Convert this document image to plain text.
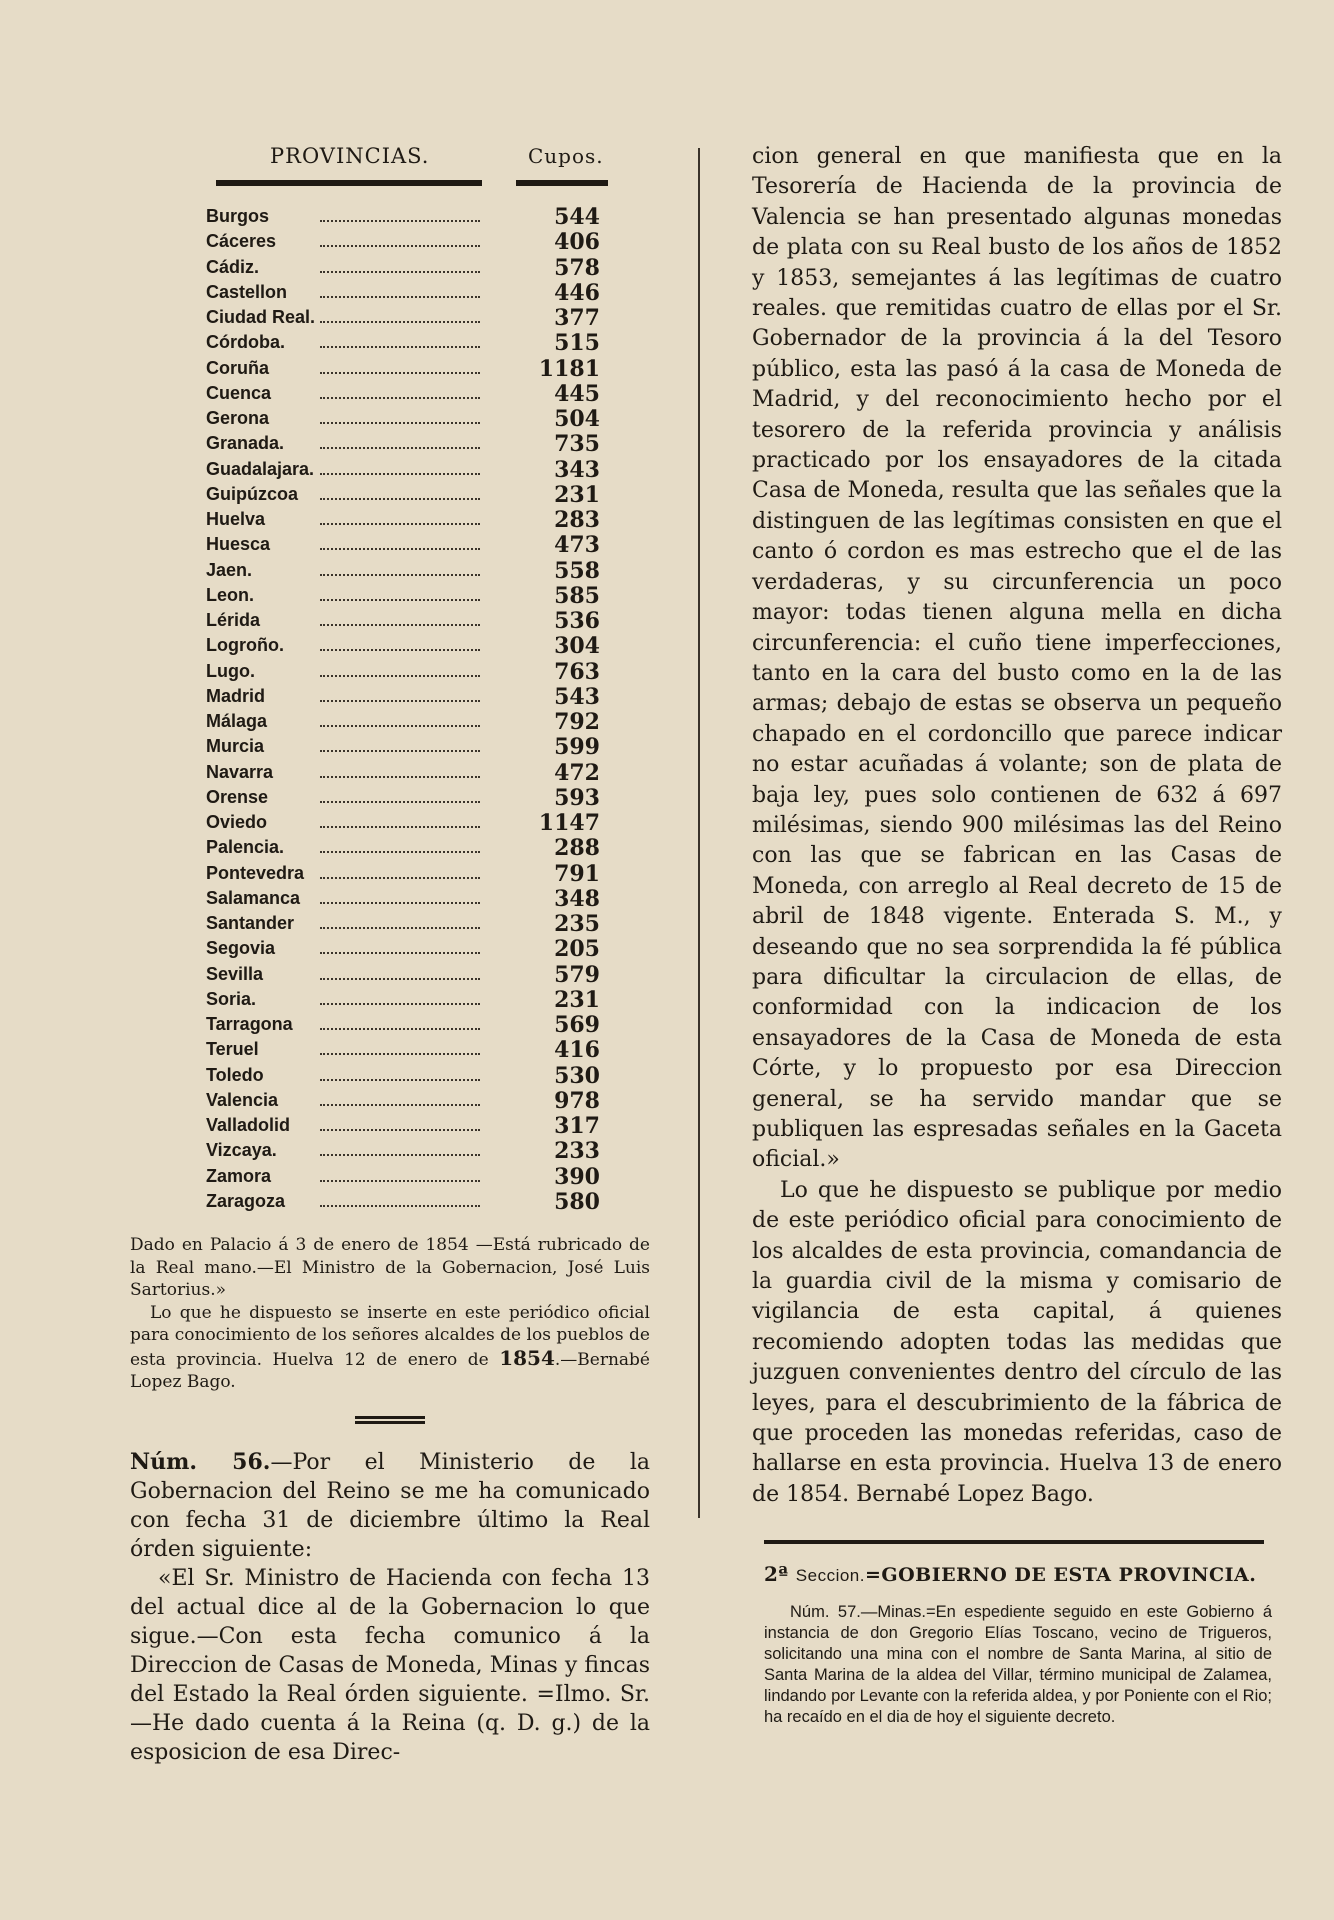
PROVINCIAS.	Cupos.
Burgos	544
Cáceres	406
Cádiz.	578
Castellon	446
Ciudad Real.	377
Córdoba.	515
Coruña	1181
Cuenca	445
Gerona	504
Granada.	735
Guadalajara.	343
Guipúzcoa	231
Huelva	283
Huesca	473
Jaen.	558
Leon.	585
Lérida	536
Logroño.	304
Lugo.	763
Madrid	543
Málaga	792
Murcia	599
Navarra	472
Orense	593
Oviedo	1147
Palencia.	288
Pontevedra	791
Salamanca	348
Santander	235
Segovia	205
Sevilla	579
Soria.	231
Tarragona	569
Teruel	416
Toledo	530
Valencia	978
Valladolid	317
Vizcaya.	233
Zamora	390
Zaragoza	580
Dado en Palacio á 3 de enero de 1854 —Está rubricado de la Real mano.—El Ministro de la Gobernacion, José Luis Sartorius.»
Lo que he dispuesto se inserte en este periódico oficial para conocimiento de los señores alcaldes de los pueblos de esta provincia. Huelva 12 de enero de 1854.—Bernabé Lopez Bago.
Núm. 56.—Por el Ministerio de la Gobernacion del Reino se me ha comunicado con fecha 31 de diciembre último la Real órden siguiente:
«El Sr. Ministro de Hacienda con fecha 13 del actual dice al de la Gobernacion lo que sigue.—Con esta fecha comunico á la Direccion de Casas de Moneda, Minas y fincas del Estado la Real órden siguiente. =Ilmo. Sr.—He dado cuenta á la Reina (q. D. g.) de la esposicion de esa Direc-
cion general en que manifiesta que en la Tesorería de Hacienda de la provincia de Valencia se han presentado algunas monedas de plata con su Real busto de los años de 1852 y 1853, semejantes á las legítimas de cuatro reales. que remitidas cuatro de ellas por el Sr. Gobernador de la provincia á la del Tesoro público, esta las pasó á la casa de Moneda de Madrid, y del reconocimiento hecho por el tesorero de la referida provincia y análisis practicado por los ensayadores de la citada Casa de Moneda, resulta que las señales que la distinguen de las legítimas consisten en que el canto ó cordon es mas estrecho que el de las verdaderas, y su circunferencia un poco mayor: todas tienen alguna mella en dicha circunferencia: el cuño tiene imperfecciones, tanto en la cara del busto como en la de las armas; debajo de estas se observa un pequeño chapado en el cordoncillo que parece indicar no estar acuñadas á volante; son de plata de baja ley, pues solo contienen de 632 á 697 milésimas, siendo 900 milésimas las del Reino con las que se fabrican en las Casas de Moneda, con arreglo al Real decreto de 15 de abril de 1848 vigente. Enterada S. M., y deseando que no sea sorprendida la fé pública para dificultar la circulacion de ellas, de conformidad con la indicacion de los ensayadores de la Casa de Moneda de esta Córte, y lo propuesto por esa Direccion general, se ha servido mandar que se publiquen las espresadas señales en la Gaceta oficial.»
Lo que he dispuesto se publique por medio de este periódico oficial para conocimiento de los alcaldes de esta provincia, comandancia de la guardia civil de la misma y comisario de vigilancia de esta capital, á quienes recomiendo adopten todas las medidas que juzguen convenientes dentro del círculo de las leyes, para el descubrimiento de la fábrica de que proceden las monedas referidas, caso de hallarse en esta provincia. Huelva 13 de enero de 1854. Bernabé Lopez Bago.
2ª Seccion.=GOBIERNO DE ESTA PROVINCIA.
Núm. 57.—Minas.=En espediente seguido en este Gobierno á instancia de don Gregorio Elías Toscano, vecino de Trigueros, solicitando una mina con el nombre de Santa Marina, al sitio de Santa Marina de la aldea del Villar, término municipal de Zalamea, lindando por Levante con la referida aldea, y por Poniente con el Rio; ha recaído en el dia de hoy el siguiente decreto.
